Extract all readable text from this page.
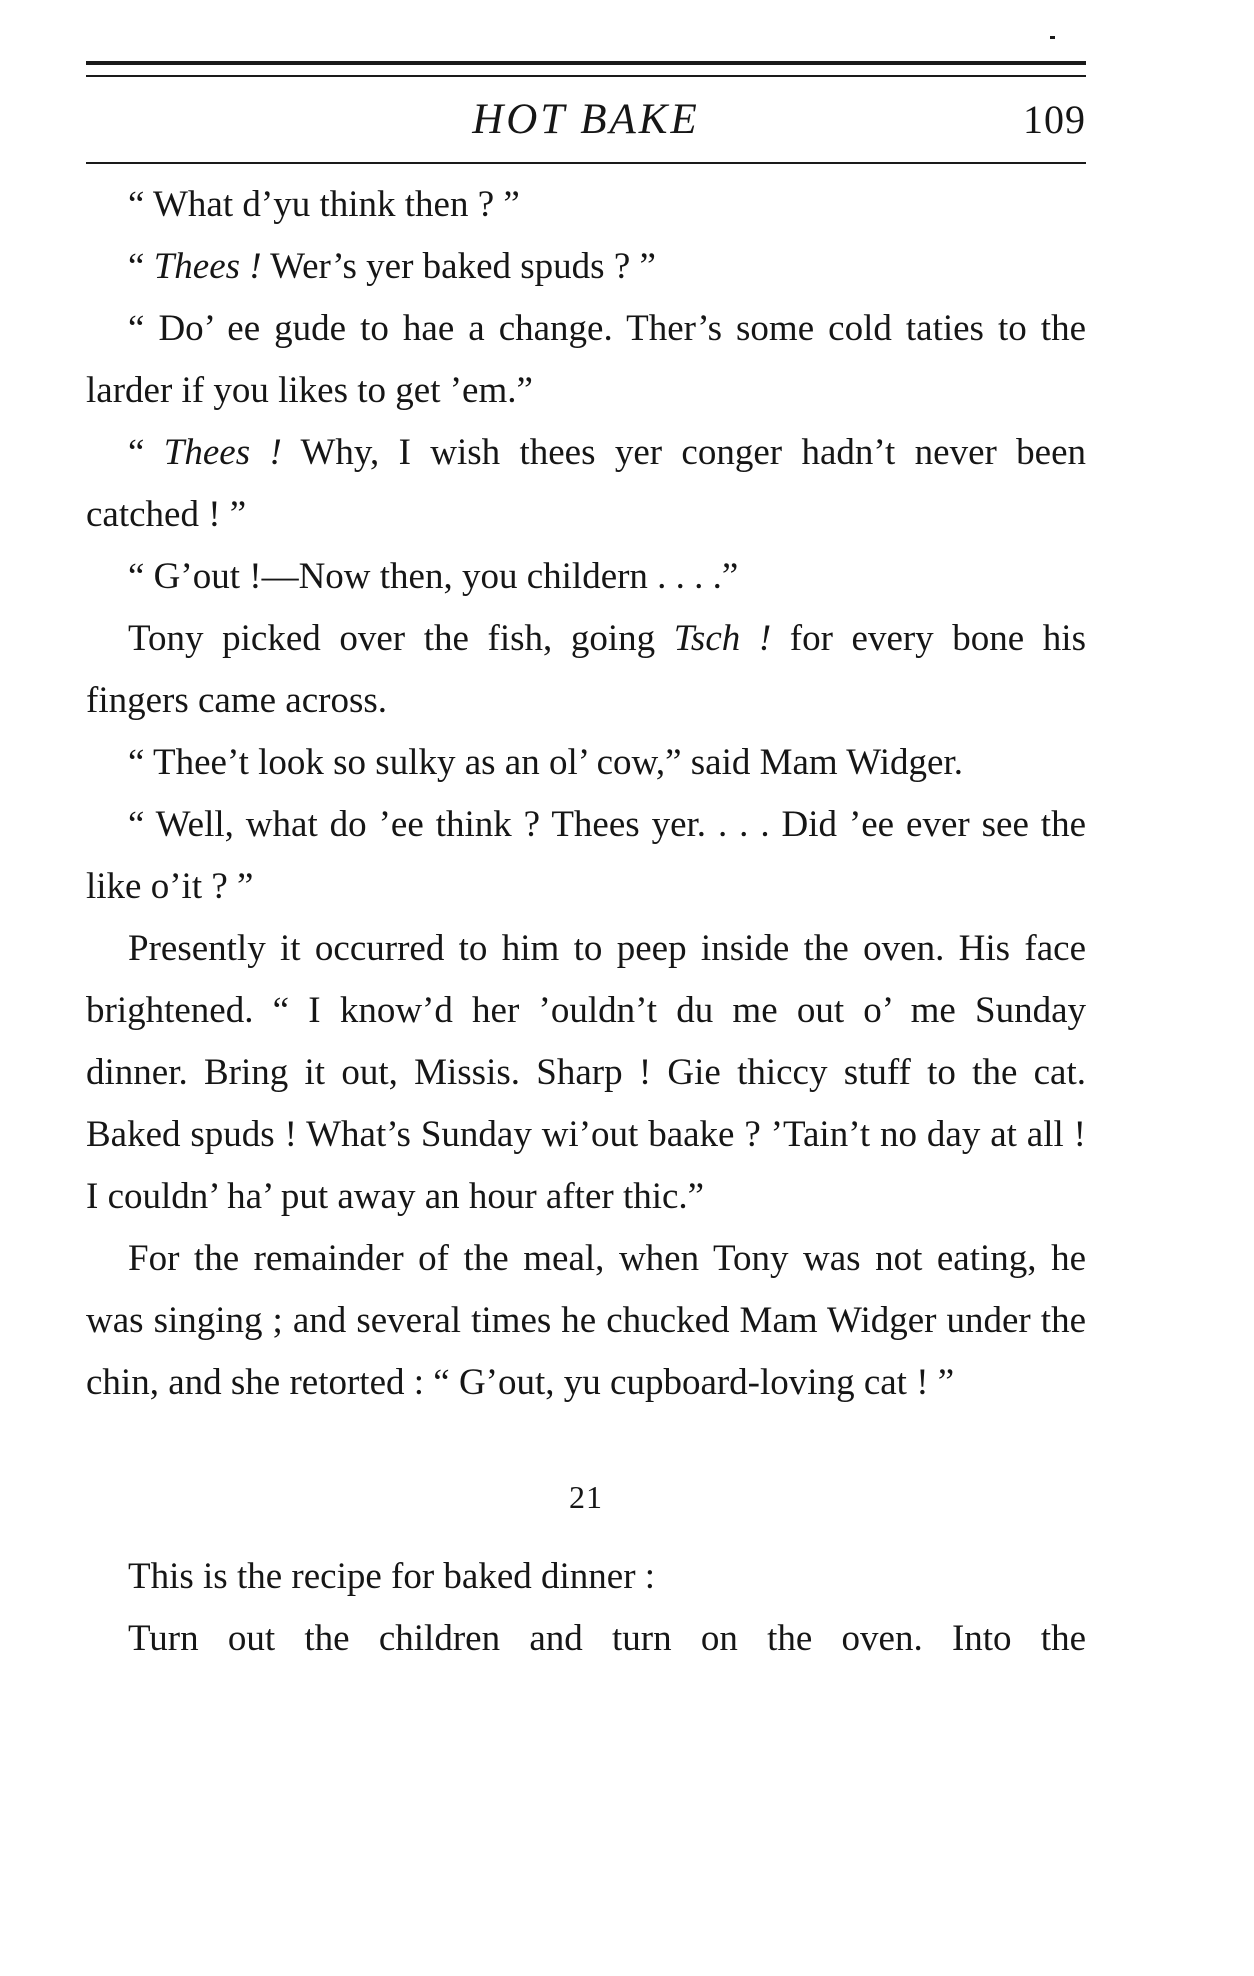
HOT BAKE	109

“ What d’yu think then ? ”

“ Thees ! Wer’s yer baked spuds ? ”

“ Do’ ee gude to hae a change. Ther’s some cold taties to the larder if you likes to get ’em.”

“ Thees ! Why, I wish thees yer conger hadn’t never been catched ! ”

“ G’out !—Now then, you childern . . . .”

Tony picked over the fish, going Tsch ! for every bone his fingers came across.

“ Thee’t look so sulky as an ol’ cow,” said Mam Widger.

“ Well, what do ’ee think ? Thees yer. . . . Did ’ee ever see the like o’it ? ”

Presently it occurred to him to peep inside the oven. His face brightened. “ I know’d her ’ouldn’t du me out o’ me Sunday dinner. Bring it out, Missis. Sharp ! Gie thiccy stuff to the cat. Baked spuds ! What’s Sunday wi’out baake ? ’Tain’t no day at all ! I couldn’ ha’ put away an hour after thic.”

For the remainder of the meal, when Tony was not eating, he was singing ; and several times he chucked Mam Widger under the chin, and she retorted : “ G’out, yu cupboard-loving cat ! ”

21

This is the recipe for baked dinner :

Turn out the children and turn on the oven. Into the
